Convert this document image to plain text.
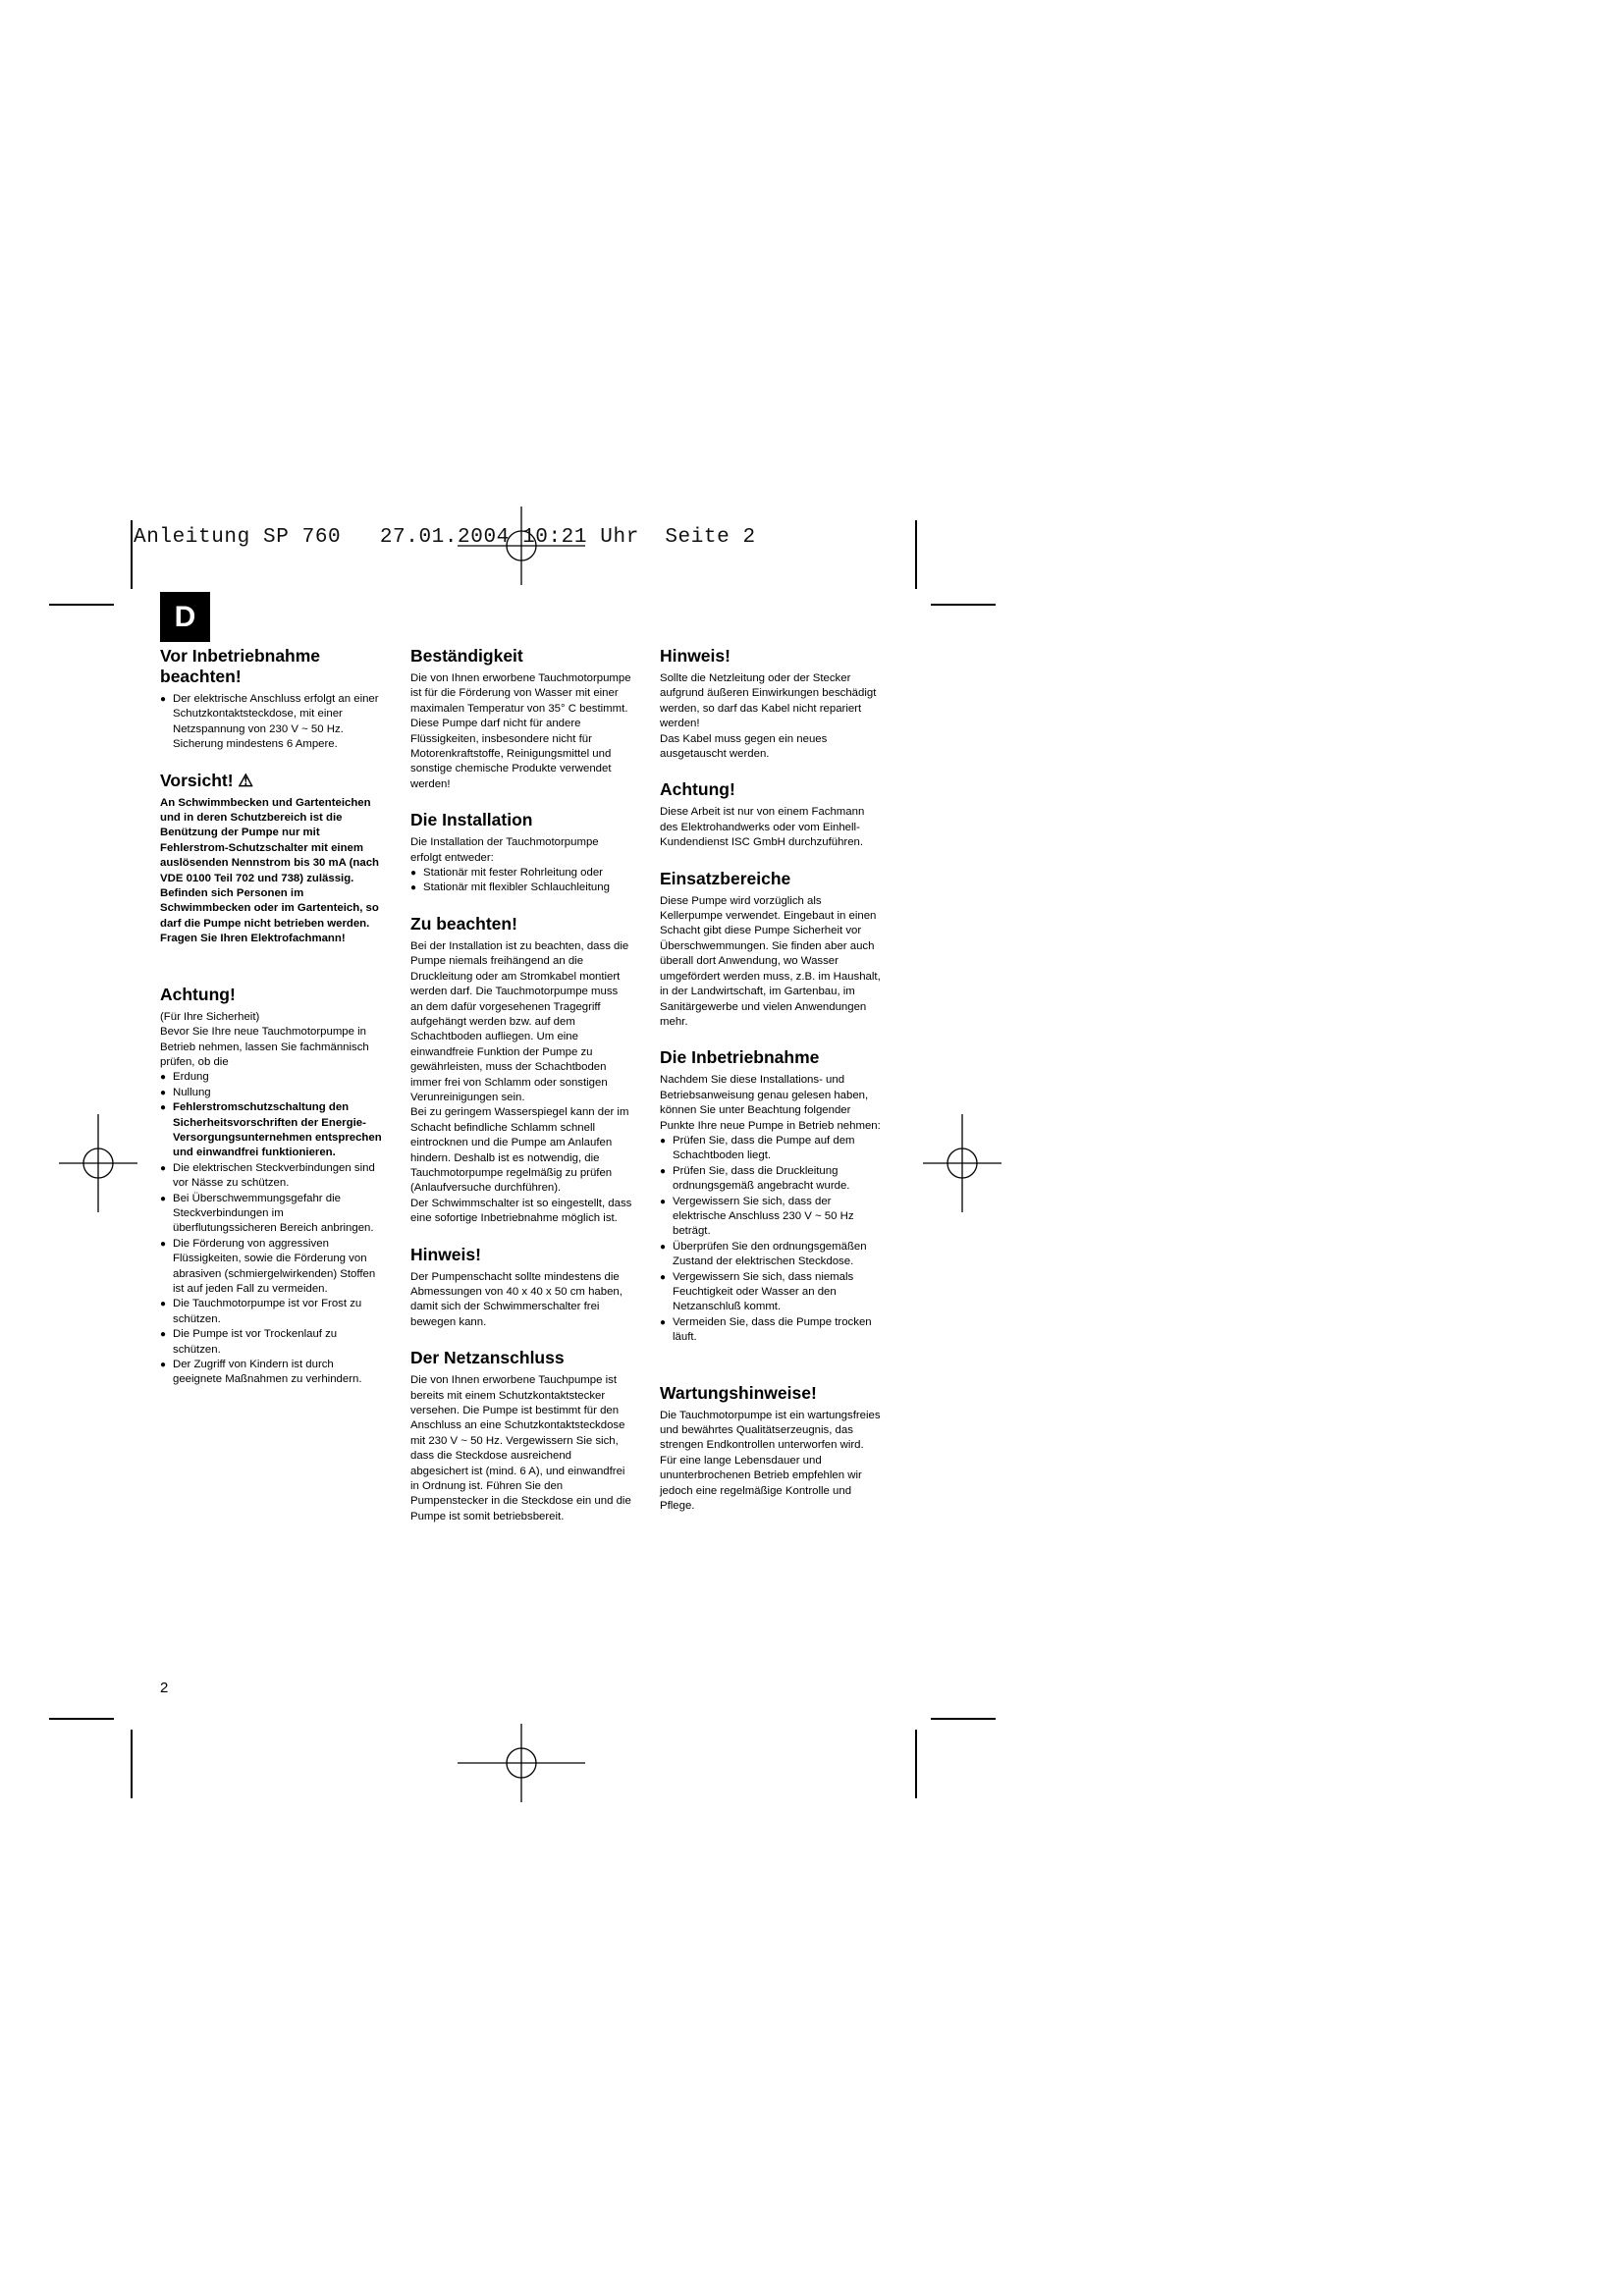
Anleitung SP 760 27.01.2004 10:21 Uhr Seite 2
D
Vor Inbetriebnahme beachten!

● Der elektrische Anschluss erfolgt an einer Schutzkontaktsteckdose, mit einer Netzspannung von 230 V ~ 50 Hz. Sicherung mindestens 6 Ampere.

Vorsicht! ⚠

An Schwimmbecken und Gartenteichen und in deren Schutzbereich ist die Benützung der Pumpe nur mit Fehlerstrom-Schutzschalter mit einem auslösenden Nennstrom bis 30 mA (nach VDE 0100 Teil 702 und 738) zulässig.

Befinden sich Personen im Schwimmbecken oder im Gartenteich, so darf die Pumpe nicht betrieben werden.

Fragen Sie Ihren Elektrofachmann!

Achtung!

(Für Ihre Sicherheit)

Bevor Sie Ihre neue Tauchmotorpumpe in Betrieb nehmen, lassen Sie fachmännisch prüfen, ob die

● Erdung

● Nullung

● Fehlerstromschutzschaltung den Sicherheitsvorschriften der Energie-Versorgungsunternehmen entsprechen und einwandfrei funktionieren.

● Die elektrischen Steckverbindungen sind vor Nässe zu schützen.

● Bei Überschwemmungsgefahr die Steckverbindungen im überflutungssicheren Bereich anbringen.

● Die Förderung von aggressiven Flüssigkeiten, sowie die Förderung von abrasiven (schmiergelwirkenden) Stoffen ist auf jeden Fall zu vermeiden.

● Die Tauchmotorpumpe ist vor Frost zu schützen.

● Die Pumpe ist vor Trockenlauf zu schützen.

● Der Zugriff von Kindern ist durch geeignete Maßnahmen zu verhindern.

Beständigkeit

Die von Ihnen erworbene Tauchmotorpumpe ist für die Förderung von Wasser mit einer maximalen Temperatur von 35° C bestimmt.

Diese Pumpe darf nicht für andere Flüssigkeiten, insbesondere nicht für Motorenkraftstoffe, Reinigungsmittel und sonstige chemische Produkte verwendet werden!

Die Installation

Die Installation der Tauchmotorpumpe erfolgt entweder:

● Stationär mit fester Rohrleitung oder

● Stationär mit flexibler Schlauchleitung

Zu beachten!

Bei der Installation ist zu beachten, dass die Pumpe niemals freihängend an die Druckleitung oder am Stromkabel montiert werden darf. Die Tauchmotorpumpe muss an dem dafür vorgesehenen Tragegriff aufgehängt werden bzw. auf dem Schachtboden aufliegen. Um eine einwandfreie Funktion der Pumpe zu gewährleisten, muss der Schachtboden immer frei von Schlamm oder sonstigen Verunreinigungen sein.

Bei zu geringem Wasserspiegel kann der im Schacht befindliche Schlamm schnell eintrocknen und die Pumpe am Anlaufen hindern. Deshalb ist es notwendig, die Tauchmotorpumpe regelmäßig zu prüfen (Anlaufversuche durchführen).

Der Schwimmschalter ist so eingestellt, dass eine sofortige Inbetriebnahme möglich ist.

Hinweis!

Der Pumpenschacht sollte mindestens die Abmessungen von 40 x 40 x 50 cm haben, damit sich der Schwimmerschalter frei bewegen kann.

Der Netzanschluss

Die von Ihnen erworbene Tauchpumpe ist bereits mit einem Schutzkontaktstecker versehen. Die Pumpe ist bestimmt für den Anschluss an eine Schutzkontaktsteckdose mit 230 V ~ 50 Hz. Vergewissern Sie sich, dass die Steckdose ausreichend abgesichert ist (mind. 6 A), und einwandfrei in Ordnung ist. Führen Sie den Pumpenstecker in die Steckdose ein und die Pumpe ist somit betriebsbereit.

Hinweis!

Sollte die Netzleitung oder der Stecker aufgrund äußeren Einwirkungen beschädigt werden, so darf das Kabel nicht repariert werden!

Das Kabel muss gegen ein neues ausgetauscht werden.

Achtung!

Diese Arbeit ist nur von einem Fachmann des Elektrohandwerks oder vom Einhell-Kundendienst ISC GmbH durchzuführen.

Einsatzbereiche

Diese Pumpe wird vorzüglich als Kellerpumpe verwendet. Eingebaut in einen Schacht gibt diese Pumpe Sicherheit vor Überschwemmungen. Sie finden aber auch überall dort Anwendung, wo Wasser umgefördert werden muss, z.B. im Haushalt, in der Landwirtschaft, im Gartenbau, im Sanitärgewerbe und vielen Anwendungen mehr.

Die Inbetriebnahme

Nachdem Sie diese Installations- und Betriebsanweisung genau gelesen haben, können Sie unter Beachtung folgender Punkte Ihre neue Pumpe in Betrieb nehmen:

● Prüfen Sie, dass die Pumpe auf dem Schachtboden liegt.

● Prüfen Sie, dass die Druckleitung ordnungsgemäß angebracht wurde.

● Vergewissern Sie sich, dass der elektrische Anschluss 230 V ~ 50 Hz beträgt.

● Überprüfen Sie den ordnungsgemäßen Zustand der elektrischen Steckdose.

● Vergewissern Sie sich, dass niemals Feuchtigkeit oder Wasser an den Netzanschluß kommt.

● Vermeiden Sie, dass die Pumpe trocken läuft.

Wartungshinweise!

Die Tauchmotorpumpe ist ein wartungsfreies und bewährtes Qualitätserzeugnis, das strengen Endkontrollen unterworfen wird.

Für eine lange Lebensdauer und ununterbrochenen Betrieb empfehlen wir jedoch eine regelmäßige Kontrolle und Pflege.

2
